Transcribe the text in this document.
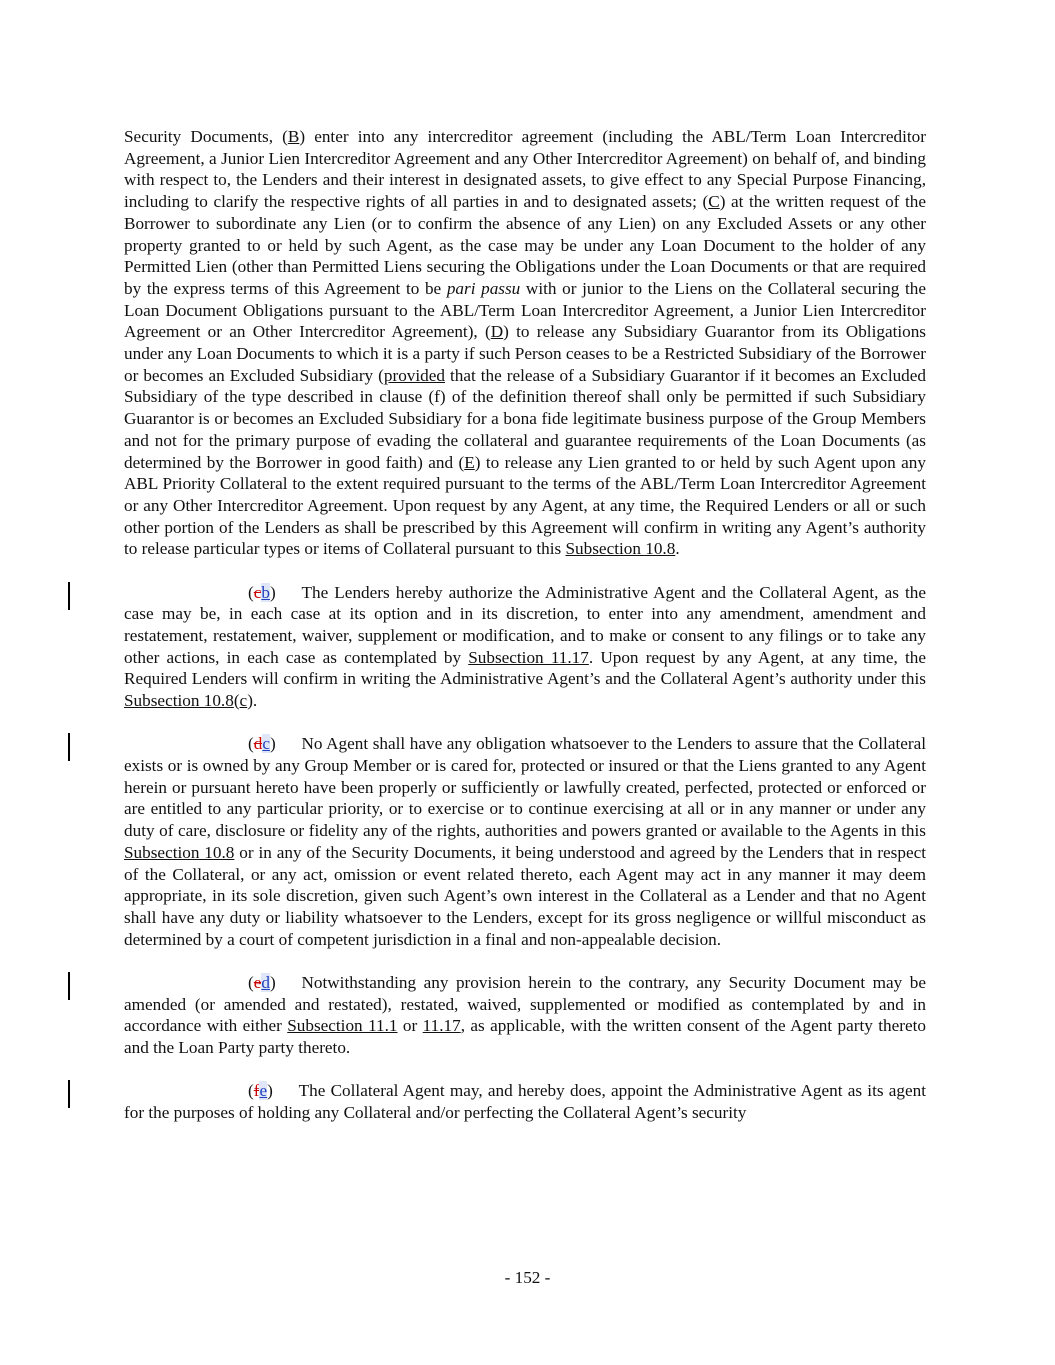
Security Documents, (B) enter into any intercreditor agreement (including the ABL/Term Loan Intercreditor Agreement, a Junior Lien Intercreditor Agreement and any Other Intercreditor Agreement) on behalf of, and binding with respect to, the Lenders and their interest in designated assets, to give effect to any Special Purpose Financing, including to clarify the respective rights of all parties in and to designated assets; (C) at the written request of the Borrower to subordinate any Lien (or to confirm the absence of any Lien) on any Excluded Assets or any other property granted to or held by such Agent, as the case may be under any Loan Document to the holder of any Permitted Lien (other than Permitted Liens securing the Obligations under the Loan Documents or that are required by the express terms of this Agreement to be pari passu with or junior to the Liens on the Collateral securing the Loan Document Obligations pursuant to the ABL/Term Loan Intercreditor Agreement, a Junior Lien Intercreditor Agreement or an Other Intercreditor Agreement), (D) to release any Subsidiary Guarantor from its Obligations under any Loan Documents to which it is a party if such Person ceases to be a Restricted Subsidiary of the Borrower or becomes an Excluded Subsidiary (provided that the release of a Subsidiary Guarantor if it becomes an Excluded Subsidiary of the type described in clause (f) of the definition thereof shall only be permitted if such Subsidiary Guarantor is or becomes an Excluded Subsidiary for a bona fide legitimate business purpose of the Group Members and not for the primary purpose of evading the collateral and guarantee requirements of the Loan Documents (as determined by the Borrower in good faith) and (E) to release any Lien granted to or held by such Agent upon any ABL Priority Collateral to the extent required pursuant to the terms of the ABL/Term Loan Intercreditor Agreement or any Other Intercreditor Agreement. Upon request by any Agent, at any time, the Required Lenders or all or such other portion of the Lenders as shall be prescribed by this Agreement will confirm in writing any Agent’s authority to release particular types or items of Collateral pursuant to this Subsection 10.8.

(cb)   The Lenders hereby authorize the Administrative Agent and the Collateral Agent, as the case may be, in each case at its option and in its discretion, to enter into any amendment, amendment and restatement, restatement, waiver, supplement or modification, and to make or consent to any filings or to take any other actions, in each case as contemplated by Subsection 11.17. Upon request by any Agent, at any time, the Required Lenders will confirm in writing the Administrative Agent’s and the Collateral Agent’s authority under this Subsection 10.8(c).

(dc)   No Agent shall have any obligation whatsoever to the Lenders to assure that the Collateral exists or is owned by any Group Member or is cared for, protected or insured or that the Liens granted to any Agent herein or pursuant hereto have been properly or sufficiently or lawfully created, perfected, protected or enforced or are entitled to any particular priority, or to exercise or to continue exercising at all or in any manner or under any duty of care, disclosure or fidelity any of the rights, authorities and powers granted or available to the Agents in this Subsection 10.8 or in any of the Security Documents, it being understood and agreed by the Lenders that in respect of the Collateral, or any act, omission or event related thereto, each Agent may act in any manner it may deem appropriate, in its sole discretion, given such Agent’s own interest in the Collateral as a Lender and that no Agent shall have any duty or liability whatsoever to the Lenders, except for its gross negligence or willful misconduct as determined by a court of competent jurisdiction in a final and non-appealable decision.

(ed)   Notwithstanding any provision herein to the contrary, any Security Document may be amended (or amended and restated), restated, waived, supplemented or modified as contemplated by and in accordance with either Subsection 11.1 or 11.17, as applicable, with the written consent of the Agent party thereto and the Loan Party party thereto.

(fe)   The Collateral Agent may, and hereby does, appoint the Administrative Agent as its agent for the purposes of holding any Collateral and/or perfecting the Collateral Agent’s security

- 152 -
